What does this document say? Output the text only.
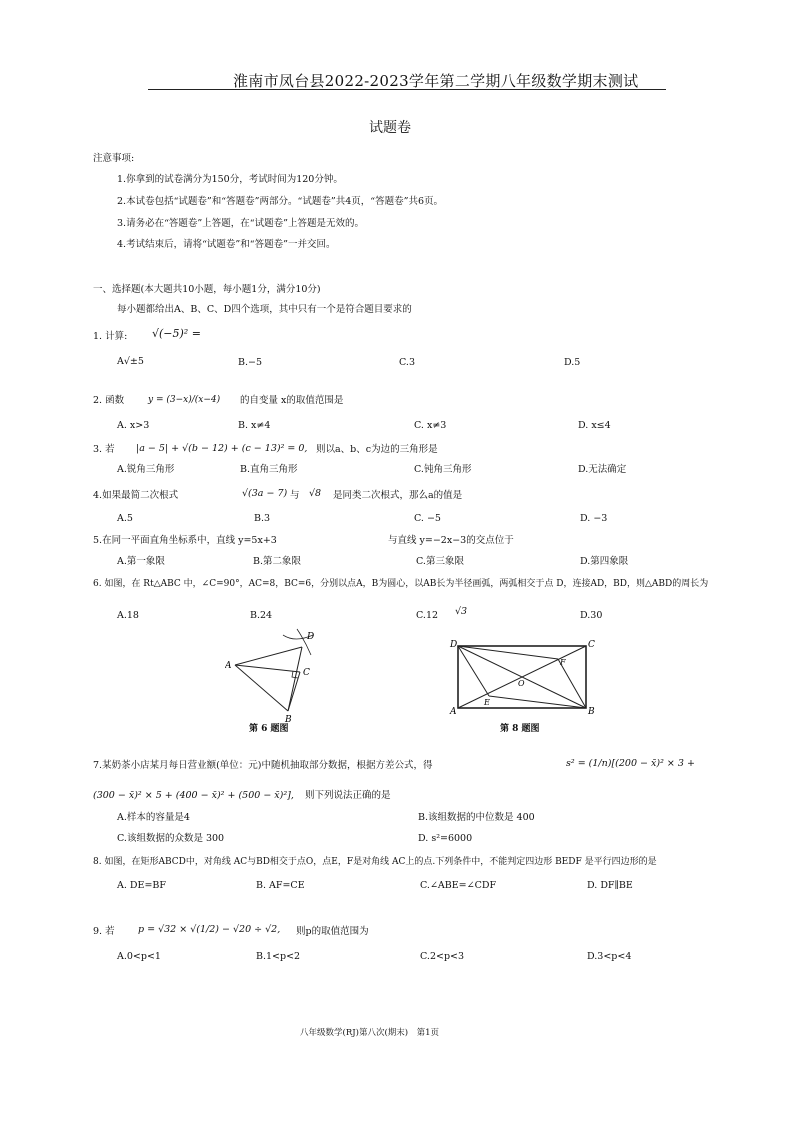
淮南市凤台县2022-2023学年第二学期八年级数学期末测试
试题卷
注意事项:
1.你拿到的试卷满分为150分，考试时间为120分钟。
2.本试卷包括“试题卷”和“答题卷”两部分。“试题卷”共4页，“答题卷”共6页。
3.请务必在“答题卷”上答题，在“试题卷”上答题是无效的。
4.考试结束后，请将“试题卷”和“答题卷”一并交回。
一、选择题(本大题共10小题，每小题1分，满分10分)
每小题都给出A、B、C、D四个选项，其中只有一个是符合题目要求的
1. 计算: √(−5)² =
A√±5	B.−5	C.3	D.5
2. 函数	y = (3−x)/(x−4) 的自变量 x的取值范围是
A. x>3	B. x≠4	C. x≠3	D. x≤4
3. 若 |a − 5| + √(b − 12) + (c − 13)² = 0, 则以a、b、c为边的三角形是
A.锐角三角形	B.直角三角形	C.钝角三角形	D.无法确定
4.如果最简二次根式	√(3a − 7) 与 √8 是同类二次根式，那么a的值是
A.5	B.3	C. −5	D. −3
5.在同一平面直角坐标系中，直线 y=5x+3	与直线 y=−2x−3的交点位于
A.第一象限	B.第二象限	C.第三象限	D.第四象限
6. 如图，在 Rt△ABC 中，∠C=90°，AC=8，BC=6，分别以点A，B为圆心，以AB长为半径画弧，两弧相交于点 D，连接AD，BD，则△ABD的周长为
A.18	B.24	C.12 √3	D.30
D
A
C
B
第 6 题图
D	C
F
O
E
A	B
第 8 题图
7.某奶茶小店某月每日营业额(单位：元)中随机抽取部分数据，根据方差公式，得	s² = (1/n)[(200 − x̄)² × 3 +
(300 − x̄)² × 5 + (400 − x̄)² + (500 − x̄)²], 则下列说法正确的是
A.样本的容量是4	B.该组数据的中位数是 400
C.该组数据的众数是 300	D. s²=6000
8. 如图，在矩形ABCD中，对角线 AC与BD相交于点O，点E，F是对角线 AC上的点.下列条件中，不能判定四边形 BEDF 是平行四边形的是
A. DE=BF	B. AF=CE	C.∠ABE=∠CDF	D. DF∥BE
9. 若 p = √32 × √(1/2) − √20 ÷ √2, 则p的取值范围为
A.0<p<1	B.1<p<2	C.2<p<3	D.3<p<4
八年级数学(RJ)第八次(期末)　第1页
